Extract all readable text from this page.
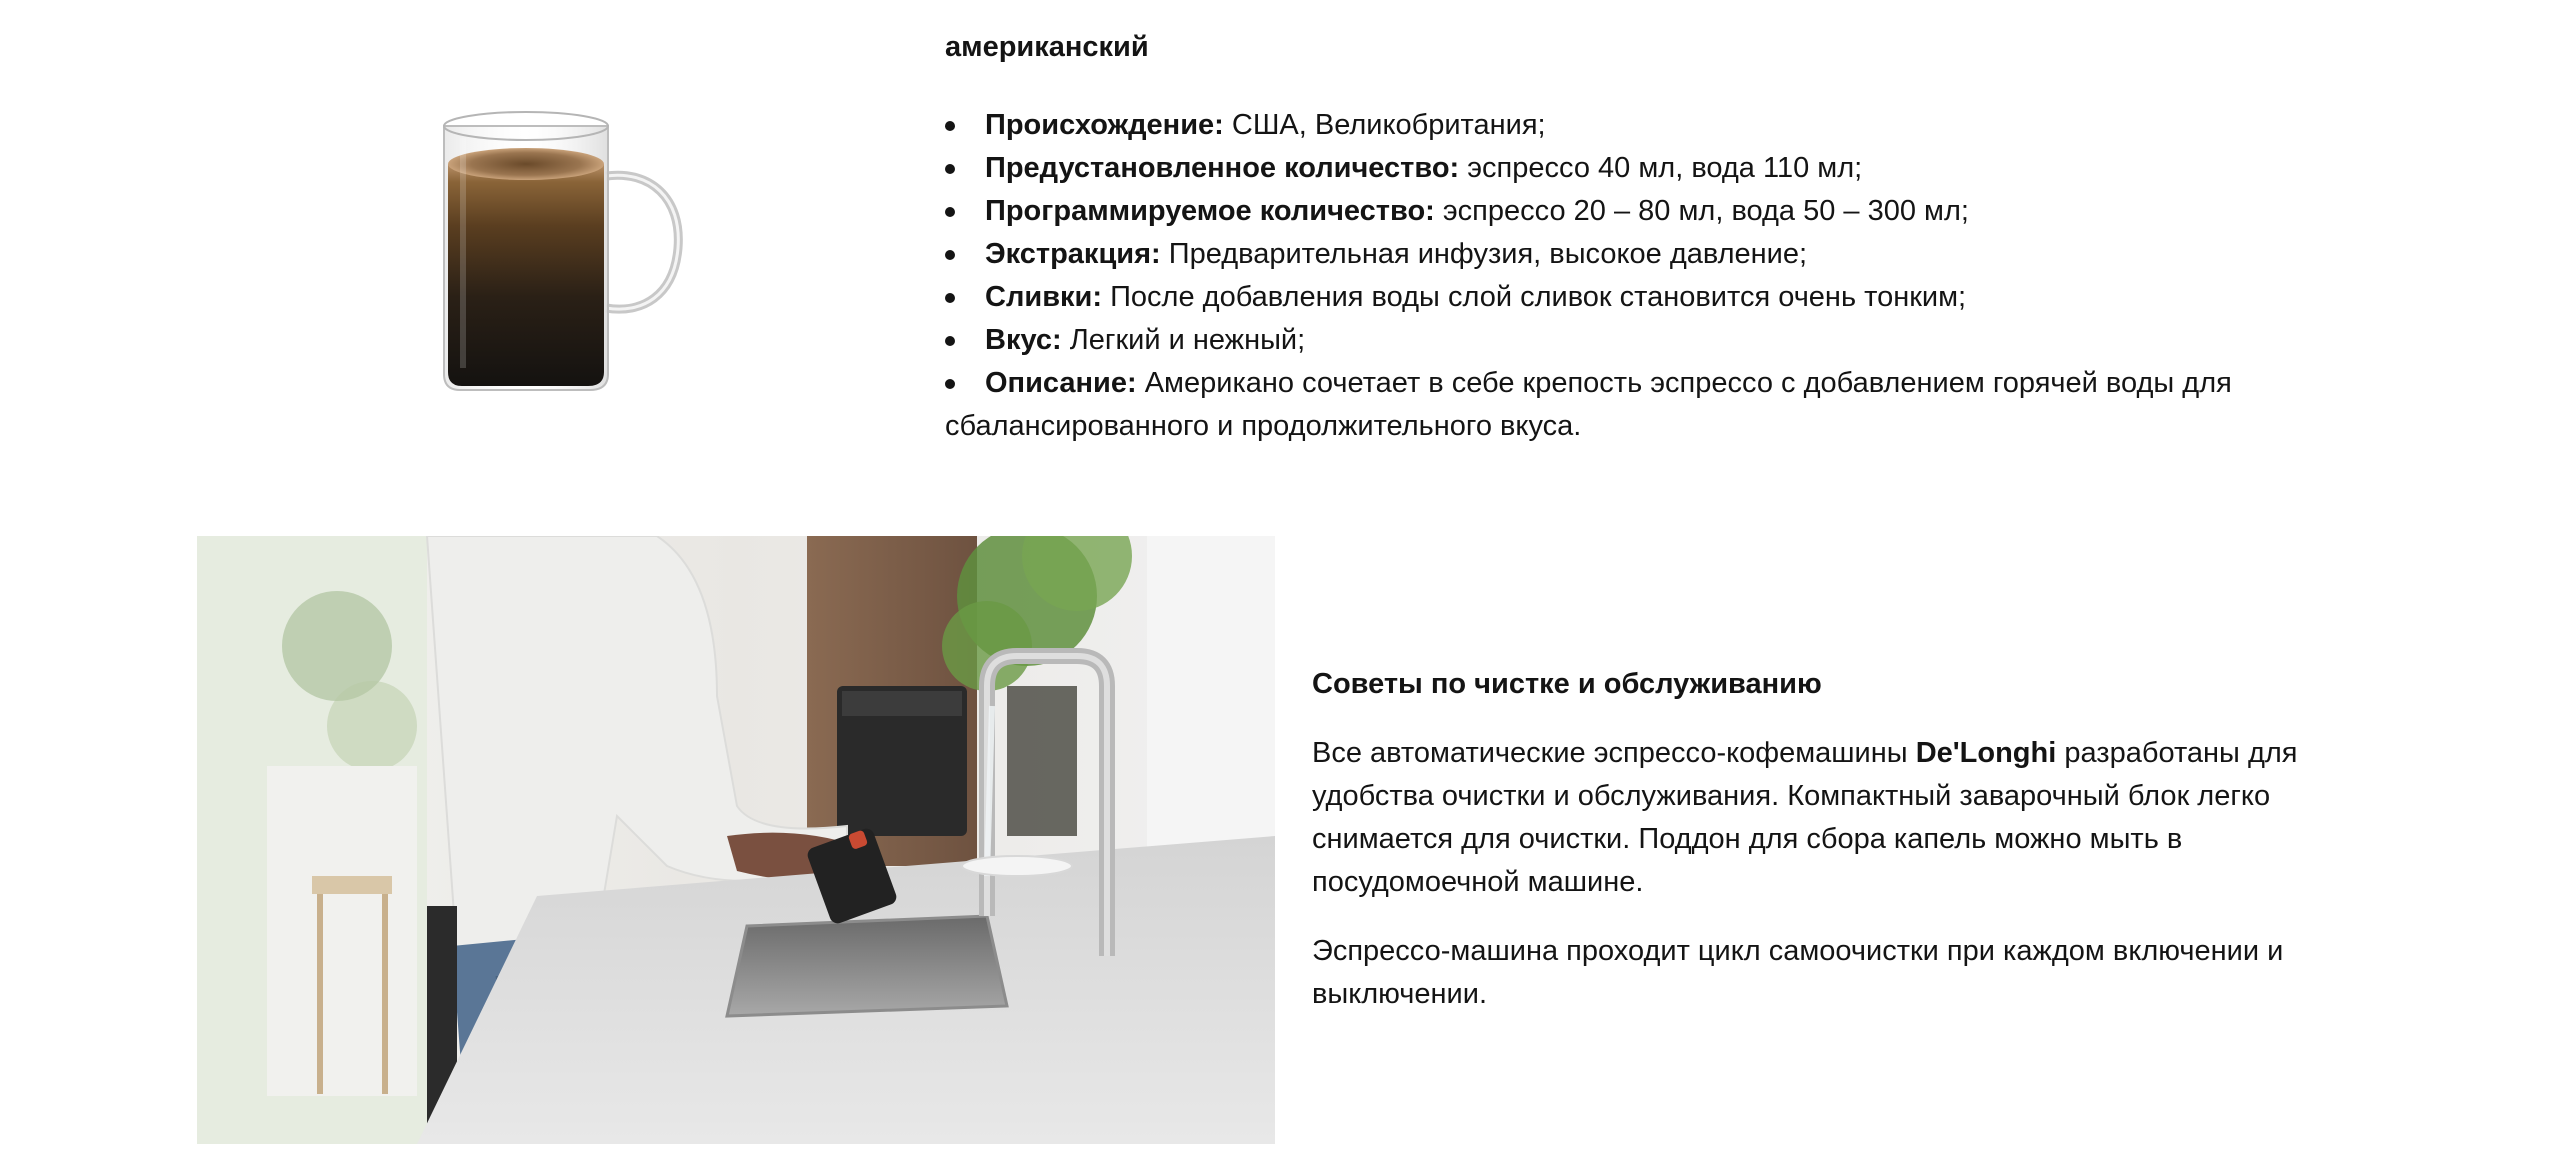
американский
Происхождение: США, Великобритания;
Предустановленное количество: эспрессо 40 мл, вода 110 мл;
Программируемое количество: эспрессо 20 – 80 мл, вода 50 – 300 мл;
Экстракция: Предварительная инфузия, высокое давление;
Сливки: После добавления воды слой сливок становится очень тонким;
Вкус: Легкий и нежный;
Описание: Американо сочетает в себе крепость эспрессо с добавлением горячей воды для сбалансированного и продолжительного вкуса.
Советы по чистке и обслуживанию

Все автоматические эспрессо-кофемашины De'Longhi разработаны для удобства очистки и обслуживания. Компактный заварочный блок легко снимается для очистки. Поддон для сбора капель можно мыть в посудомоечной машине.

Эспрессо-машина проходит цикл самоочистки при каждом включении и выключении.
